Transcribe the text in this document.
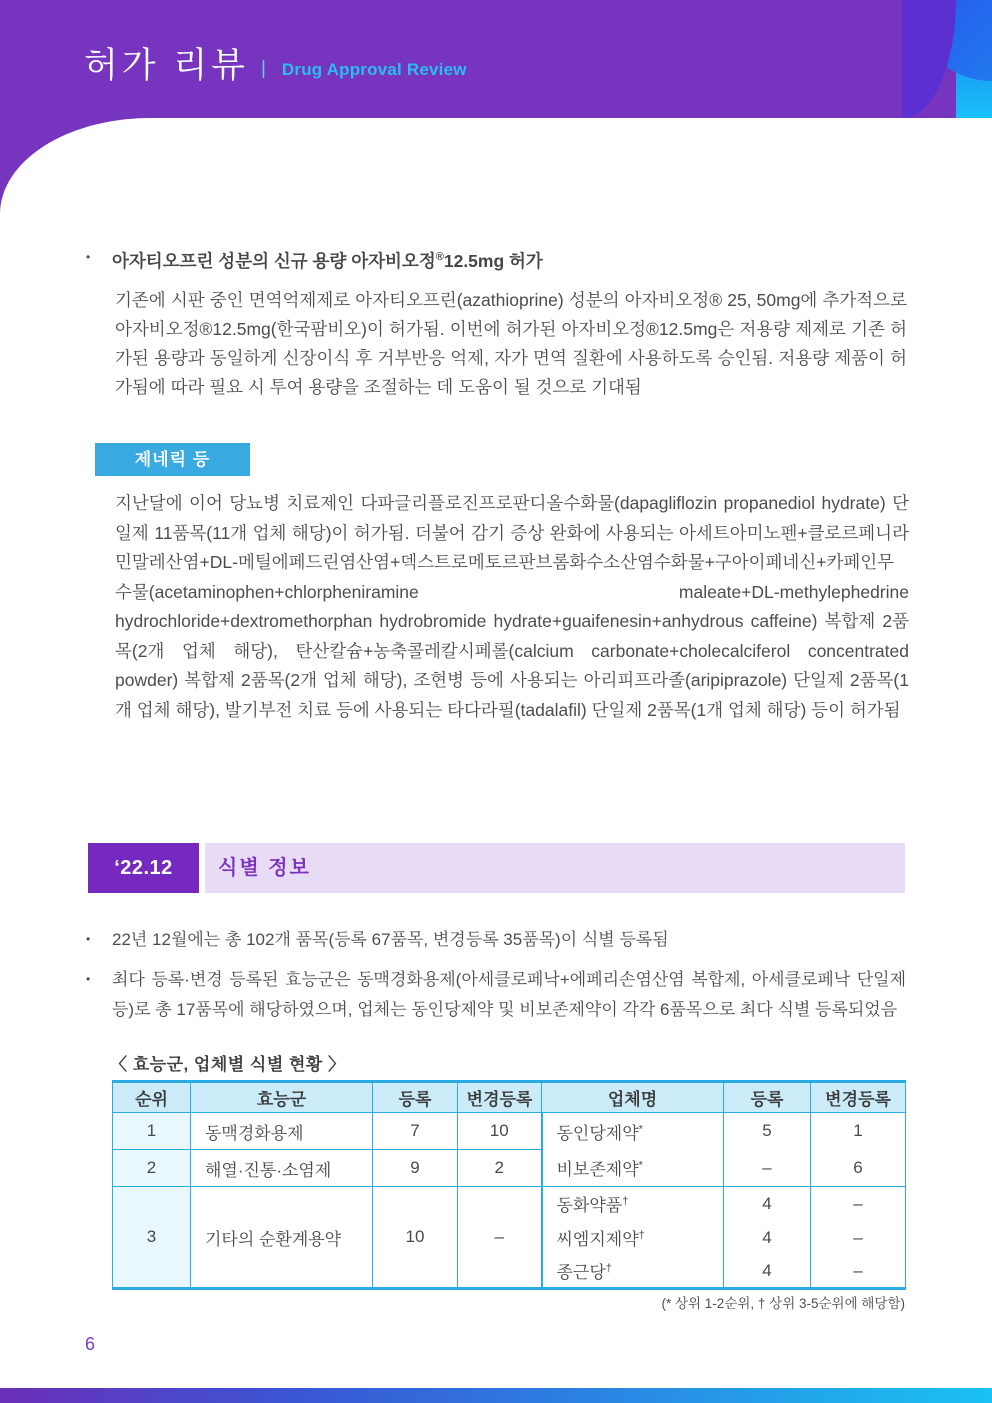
허가 리뷰 | Drug Approval Review
•	아자티오프린 성분의 신규 용량 아자비오정®12.5mg 허가
기존에 시판 중인 면역억제제로 아자티오프린(azathioprine) 성분의 아자비오정® 25, 50mg에 추가적으로 아자비오정®12.5mg(한국팜비오)이 허가됨. 이번에 허가된 아자비오정®12.5mg은 저용량 제제로 기존 허가된 용량과 동일하게 신장이식 후 거부반응 억제, 자가 면역 질환에 사용하도록 승인됨. 저용량 제품이 허가됨에 따라 필요 시 투여 용량을 조절하는 데 도움이 될 것으로 기대됨
제네릭 등
지난달에 이어 당뇨병 치료제인 다파글리플로진프로판디올수화물(dapagliflozin propanediol hydrate) 단일제 11품목(11개 업체 해당)이 허가됨. 더불어 감기 증상 완화에 사용되는 아세트아미노펜+클로르페니라민말레산염+DL-메틸에페드린염산염+덱스트로메토르판브롬화수소산염수화물+구아이페네신+카페인무수물(acetaminophen+chlorpheniramine maleate+DL-methylephedrine hydrochloride+dextromethorphan hydrobromide hydrate+guaifenesin+anhydrous caffeine) 복합제 2품목(2개 업체 해당), 탄산칼슘+농축콜레칼시페롤(calcium carbonate+cholecalciferol concentrated powder) 복합제 2품목(2개 업체 해당), 조현병 등에 사용되는 아리피프라졸(aripiprazole) 단일제 2품목(1개 업체 해당), 발기부전 치료 등에 사용되는 타다라필(tadalafil) 단일제 2품목(1개 업체 해당) 등이 허가됨
‘22.12	식별 정보
•	22년 12월에는 총 102개 품목(등록 67품목, 변경등록 35품목)이 식별 등록됨
•	최다 등록·변경 등록된 효능군은 동맥경화용제(아세클로페낙+에페리손염산염 복합제, 아세클로페낙 단일제 등)로 총 17품목에 해당하였으며, 업체는 동인당제약 및 비보존제약이 각각 6품목으로 최다 식별 등록되었음
〈 효능군, 업체별 식별 현황 〉
순위	효능군	등록	변경등록	업체명	등록	변경등록
1	동맥경화용제	7	10	동인당제약*	5	1
2	해열·진통·소염제	9	2	비보존제약*	–	6
3	기타의 순환계용약	10	–	동화약품†	4	–
				씨엠지제약†	4	–
				종근당†	4	–
(* 상위 1-2순위, † 상위 3-5순위에 해당함)
6
